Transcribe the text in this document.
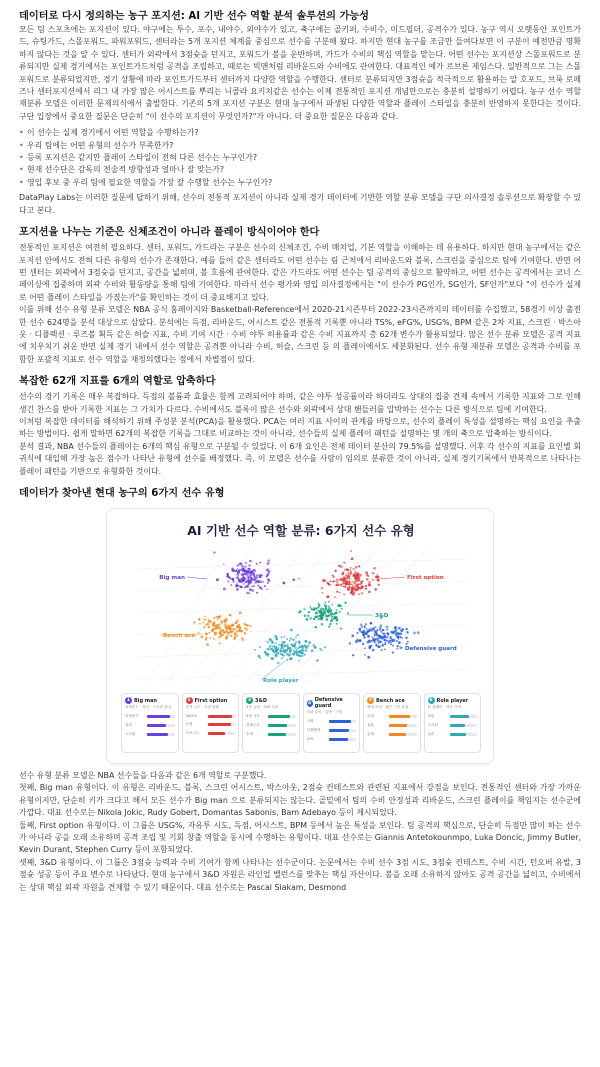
데이터로 다시 정의하는 농구 포지션: AI 기반 선수 역할 분석 솔루션의 가능성

모든 팀 스포츠에는 포지션이 있다. 야구에는 투수, 포수, 내야수, 외야수가 있고, 축구에는 골키퍼, 수비수, 미드필더, 공격수가 있다. 농구 역시 오랫동안 포인트가드, 슈팅가드, 스몰포워드, 파워포워드, 센터라는 5개 포지션 체계를 중심으로 선수를 구분해 왔다. 하지만 현대 농구를 조금만 들여다보면 이 구분이 예전만큼 명확하지 않다는 것을 알 수 있다. 센터가 외곽에서 3점슛을 던지고, 포워드가 볼을 운반하며, 가드가 수비의 핵심 역할을 맡는다. 어떤 선수는 포지션상 스몰포워드로 분류되지만 실제 경기에서는 포인트가드처럼 공격을 조립하고, 때로는 빅맨처럼 리바운드와 수비에도 관여한다. 대표적인 예가 르브론 제임스다. 일반적으로 그는 스몰포워드로 분류되었지만, 경기 상황에 따라 포인트가드부터 센터까지 다양한 역할을 수행한다. 센터로 분류되지만 3점슛을 적극적으로 활용하는 알 호포드, 브룩 로페즈나 센터포지션에서 리그 내 가장 많은 어시스트를 뿌리는 니콜라 요키치같은 선수는 이제 전통적인 포지션 개념만으로는 충분히 설명하기 어렵다. 농구 선수 역할 재분류 모델은 이러한 문제의식에서 출발한다. 기존의 5개 포지션 구분은 현대 농구에서 파생된 다양한 역할과 플레이 스타일을 충분히 반영하지 못한다는 것이다. 구단 입장에서 중요한 질문은 단순히 "이 선수의 포지션이 무엇인가?"가 아니다. 더 중요한 질문은 다음과 같다.

• 이 선수는 실제 경기에서 어떤 역할을 수행하는가?
• 우리 팀에는 어떤 유형의 선수가 부족한가?
• 등록 포지션은 같지만 플레이 스타일이 전혀 다른 선수는 누구인가?
• 현재 선수단은 감독의 전술적 방향성과 얼마나 잘 맞는가?
• 영입 후보 중 우리 팀에 필요한 역할을 가장 잘 수행할 선수는 누구인가?

DataPlay Labs는 이러한 질문에 답하기 위해, 선수의 전통적 포지션이 아니라 실제 경기 데이터에 기반한 역할 분류 모델을 구단 의사결정 솔루션으로 확장할 수 있다고 본다.

포지션을 나누는 기준은 신체조건이 아니라 플레이 방식이어야 한다

전통적인 포지션은 여전히 필요하다. 센터, 포워드, 가드라는 구분은 선수의 신체조건, 수비 매치업, 기본 역할을 이해하는 데 유용하다. 하지만 현대 농구에서는 같은 포지션 안에서도 전혀 다른 유형의 선수가 존재한다. 예를 들어 같은 센터라도 어떤 선수는 림 근처에서 리바운드와 블록, 스크린을 중심으로 팀에 기여한다. 반면 어떤 센터는 외곽에서 3점슛을 던지고, 공간을 넓히며, 볼 흐름에 관여한다. 같은 가드라도 어떤 선수는 팀 공격의 중심으로 활약하고, 어떤 선수는 공격에서는 코너 스페이싱에 집중하며 외곽 수비와 활동량을 통해 팀에 기여한다. 따라서 선수 평가와 영입 의사결정에서는 "이 선수가 PG인가, SG인가, SF인가"보다 "이 선수가 실제로 어떤 플레이 스타일을 가졌는가"를 확인하는 것이 더 중요해지고 있다.

이를 위해 선수 유형 분류 모델은 NBA 공식 홈페이지와 Basketball-Reference에서 2020-21시즌부터 2022-23시즌까지의 데이터를 수집했고, 58경기 이상 출전한 선수 624명을 분석 대상으로 삼았다. 분석에는 득점, 리바운드, 어시스트 같은 전통적 기록뿐 아니라 TS%, eFG%, USG%, BPM 같은 2차 지표, 스크린 · 박스아웃 · 디플렉션 · 루즈볼 획득 같은 허슬 지표, 수비 기여 시간 · 수비 야투 허용률과 같은 수비 지표까지 총 62개 변수가 활용되었다. 많은 선수 분류 모델은 공격 지표에 치우치기 쉬운 반면 실제 경기 내에서 선수 역할은 공격뿐 아니라 수비, 허슬, 스크린 등 의 플레이에서도 세분화된다. 선수 유형 재분류 모델은 공격과 수비를 포함한 포괄적 지표로 선수 역할을 재정의했다는 점에서 차별점이 있다.

복잡한 62개 지표를 6개의 역할로 압축하다

선수의 경기 기록은 매우 복잡하다. 득점의 볼륨과 효율은 함께 고려되어야 하며, 같은 야투 성공률이라 하더라도 상대의 집중 견제 속에서 기록한 지표와 그로 인해 생긴 찬스를 받아 기록한 지표는 그 가치가 다르다. 수비에서도 블록이 많은 선수와 외곽에서 상대 핸들러를 압박하는 선수는 다른 방식으로 팀에 기여한다.

이처럼 복잡한 데이터를 해석하기 위해 주성분 분석(PCA)을 활용했다. PCA는 여러 지표 사이의 관계를 바탕으로, 선수의 플레이 특성을 설명하는 핵심 요인을 추출하는 방법이다. 쉽게 말하면 62개의 복잡한 기록을 그대로 비교하는 것이 아니라, 선수들의 실제 플레이 패턴을 설명하는 몇 개의 축으로 압축하는 방식이다.

분석 결과, NBA 선수들의 플레이는 6개의 핵심 유형으로 구분될 수 있었다. 이 6개 요인은 전체 데이터 분산의 79.5%를 설명했다. 이후 각 선수의 지표를 요인별 회귀식에 대입해 가장 높은 점수가 나타난 유형에 선수를 배정했다. 즉, 이 모델은 선수를 사람이 임의로 분류한 것이 아니라, 실제 경기기록에서 반복적으로 나타나는 플레이 패턴을 기반으로 유형화한 것이다.

데이터가 찾아낸 현대 농구의 6가지 선수 유형
AI 기반 선수 역할 분류: 6가지 선수 유형
Big man	First option
3&D
Bench ace
Defensive guard
Role player
1 Big man
리바운드 · 블록 · 스크린 중심
리바운드
블록
스크린
2 First option
공격 주도 · 득점 창출
USG%
득점
어시스트
3 3&D
3점 슈팅 · 외곽 수비
3점 시도
컨테스트
수비
4 Defensive guard
외곽 수비 · 압박 · 스틸
스틸
디플렉션
수비
5 Bench ace
벤치 득점 · 짧은 시간 효율
득점
효율
슈팅
6 Role player
팀 플레이 · 허슬 기여
허슬
스크린
수비

선수 유형 분류 모델은 NBA 선수들을 다음과 같은 6개 역할로 구분했다.

첫째, Big man 유형이다. 이 유형은 리바운드, 블록, 스크린 어시스트, 박스아웃, 2점슛 컨테스트와 관련된 지표에서 강점을 보인다. 전통적인 센터와 가장 가까운 유형이지만, 단순히 키가 크다고 해서 모든 선수가 Big man 으로 분류되지는 않는다. 골밑에서 팀의 수비 안정성과 리바운드, 스크린 플레이를 책임지는 선수군에 가깝다. 대표 선수로는 Nikola Jokic, Rudy Gobert, Domantas Sabonis, Bam Adebayo 등이 제시되었다.

둘째, First option 유형이다. 이 그룹은 USG%, 자유투 시도, 득점, 어시스트, BPM 등에서 높은 특성을 보인다. 팀 공격의 핵심으로, 단순히 득점만 많이 하는 선수가 아니라 공을 오래 소유하며 공격 조립 및 기회 창출 역할을 동시에 수행하는 유형이다. 대표 선수로는 Giannis Antetokounmpo, Luka Doncic, Jimmy Butler, Kevin Durant, Stephen Curry 등이 포함되었다.

셋째, 3&D 유형이다. 이 그룹은 3점슛 능력과 수비 기여가 함께 나타나는 선수군이다. 논문에서는 수비 선수 3점 시도, 3점슛 컨테스트, 수비 시간, 턴오버 유발, 3점슛 성공 등이 주요 변수로 나타났다. 현대 농구에서 3&D 자원은 라인업 밸런스를 맞추는 핵심 자산이다. 볼을 오래 소유하지 않아도 공격 공간을 넓히고, 수비에서는 상대 핵심 외곽 자원을 견제할 수 있기 때문이다. 대표 선수로는 Pascal Siakam, Desmond
